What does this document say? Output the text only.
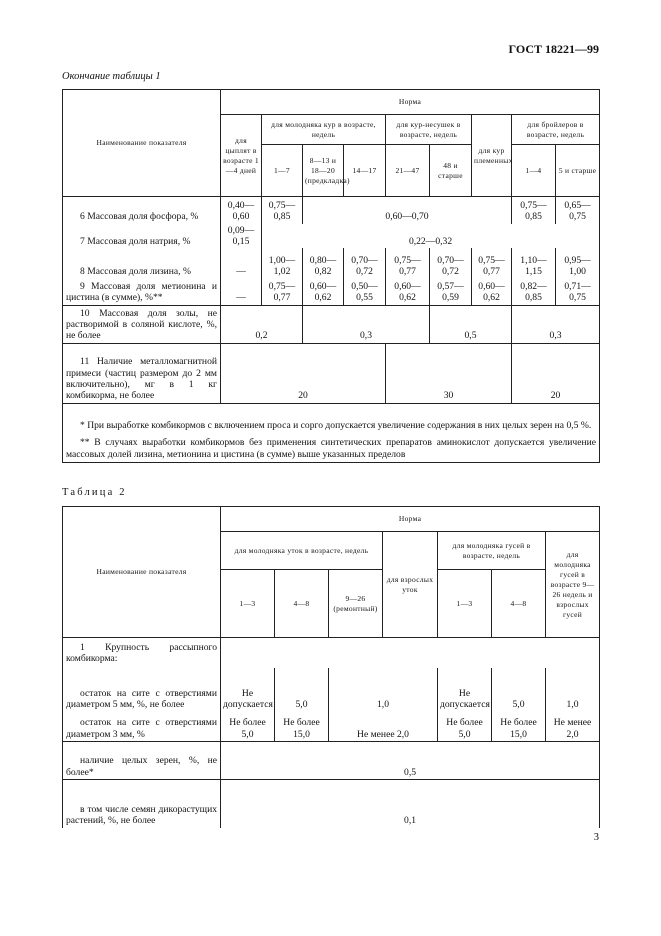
ГОСТ 18221—99
Окончание таблицы 1
Наименование показателя	Норма								
	для цыплят в возрасте 1—4 дней	для молодняка кур в возрасте, недель			для кур-несушек в возрасте, недель		для кур племенных	для бройлеров в возрасте, недель	
		1—7	8—13 и 18—20 (предкладка)	14—17	21—47	48 и старше		1—4	5 и старше

6 Массовая доля фосфора, %	0,40—0,60	0,75—0,85	0,60—0,70					0,75—0,85	0,65—0,75

7 Массовая доля натрия, %	0,09—0,15	0,22—0,32							

8 Массовая доля лизина, %	—	1,00—1,02	0,80—0,82	0,70—0,72	0,75—0,77	0,70—0,72	0,75—0,77	1,10—1,15	0,95—1,00

9 Массовая доля метионина и цистина (в сумме), %**	—	0,75—0,77	0,60—0,62	0,50—0,55	0,60—0,62	0,57—0,59	0,60—0,62	0,82—0,85	0,71—0,75

10 Массовая доля золы, не растворимой в соляной кислоте, %, не более	0,2		0,3			0,5		0,3	

11 Наличие металломагнитной примеси (частиц размером до 2 мм включительно), мг в 1 кг комбикорма, не более	20				30			20	

* При выработке комбикормов с включением проса и сорго допускается увеличение содержания в них целых зерен на 0,5 %.

** В случаях выработки комбикормов без применения синтетических препаратов аминокислот допускается увеличение массовых долей лизина, метионина и цистина (в сумме) выше указанных пределов									

Таблица 2
Наименование показателя	Норма						
	для молодняка уток в возрасте, недель			для взрослых уток	для молодняка гусей в возрасте, недель		для молодняка гусей в возрасте 9—26 недель и взрослых гусей
	1—3	4—8	9—26 (ремонтный)		1—3	4—8	

1 Крупность рассыпного комбикорма:							

остаток на сите с отверстиями диаметром 5 мм, %, не более	Не допускается	5,0	1,0		Не допускается	5,0	1,0

остаток на сите с отверстиями диаметром 3 мм, %	Не более 5,0	Не более 15,0	Не менее 2,0		Не более 5,0	Не более 15,0	Не менее 2,0

наличие целых зерен, %, не более*	0,5						

в том числе семян дикорастущих растений, %, не более	0,1						
3
